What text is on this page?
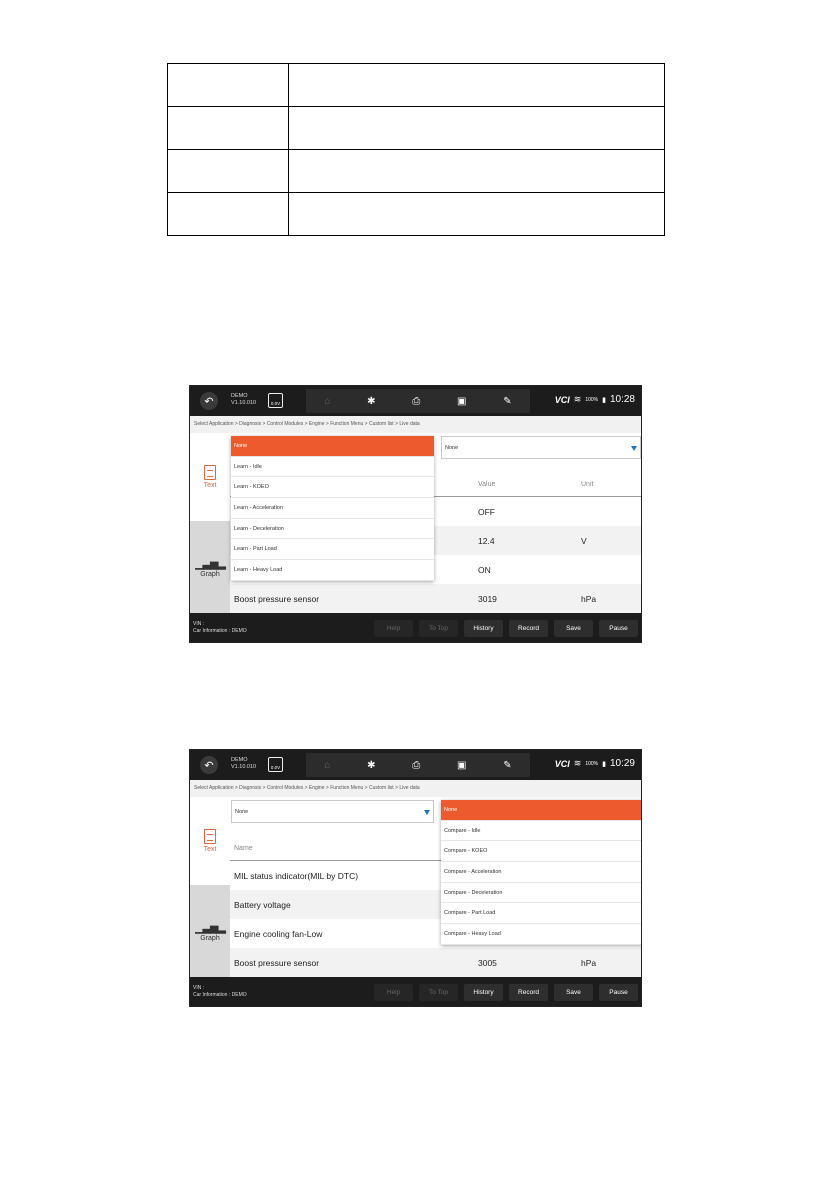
↶	DEMO
V1.10.010	0.0V	⌂	✱	⎙	▣	✎	VCI ≋ 100% ▮ 10:28
Select Application > Diagnosis > Control Modules > Engine > Function Menu > Custom list > Live data
Text
▁▃▅▂
Graph
None
Value	Unit
OFF
12.4	V
ON
Boost pressure sensor	3019	hPa
None
Learn - Idle
Learn - KOEO
Learn - Acceleration
Learn - Deceleration
Learn - Part Load
Learn - Heavy Load
VIN :
Car Information : DEMO	Help	To Top	History	Record	Save	Pause
↶	DEMO
V1.10.010	0.0V	⌂	✱	⎙	▣	✎	VCI ≋ 100% ▮ 10:29
Select Application > Diagnosis > Control Modules > Engine > Function Menu > Custom list > Live data
Text
▁▃▅▂
Graph
None
Name
MIL status indicator(MIL by DTC)
Battery voltage
Engine cooling fan-Low
Boost pressure sensor	3005	hPa
None
Compare - Idle
Compare - KOEO
Compare - Acceleration
Compare - Deceleration
Compare - Part Load
Compare - Heavy Load
VIN :
Car Information : DEMO	Help	To Top	History	Record	Save	Pause
